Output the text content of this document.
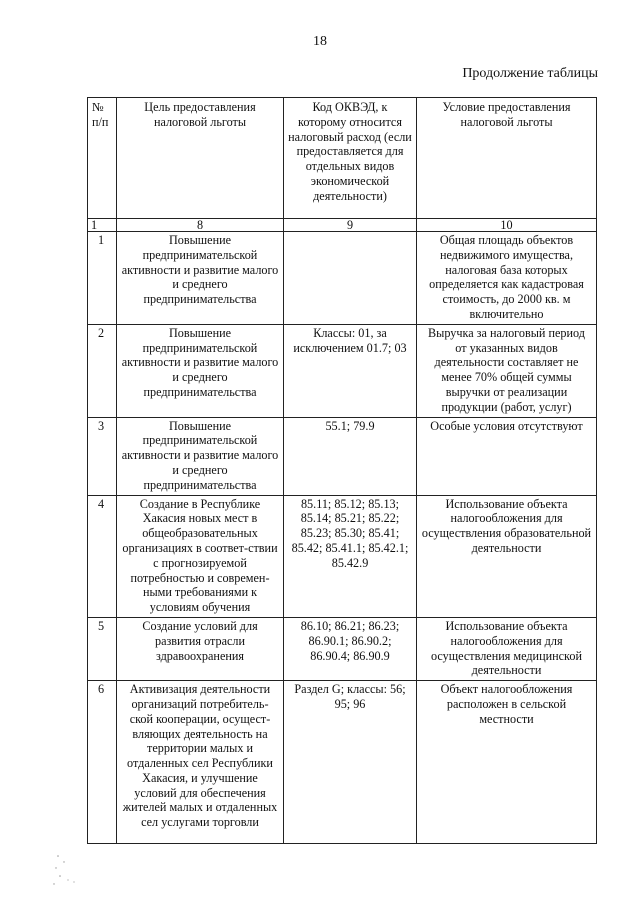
18
Продолжение таблицы
№ п/п	Цель предоставления налоговой льготы	Код ОКВЭД, к которому относится налоговый расход (если предоставляется для отдельных видов экономической деятельности)	Условие предоставления налоговой льготы
1	8	9	10
1	Повышение предпринимательской активности и развитие малого и среднего предпринимательства		Общая площадь объектов недвижимого имущества, налоговая база которых определяется как кадастровая стоимость, до 2000 кв. м включительно
2	Повышение предпринимательской активности и развитие малого и среднего предпринимательства	Классы: 01, за исключением 01.7; 03	Выручка за налоговый период от указанных видов деятельности составляет не менее 70% общей суммы выручки от реализации продукции (работ, услуг)
3	Повышение предпринимательской активности и развитие малого и среднего предпринимательства	55.1; 79.9	Особые условия отсутствуют
4	Создание в Республике Хакасия новых мест в общеобразовательных организациях в соответ-ствии с прогнозируемой потребностью и современ-ными требованиями к условиям обучения	85.11; 85.12; 85.13; 85.14; 85.21; 85.22; 85.23; 85.30; 85.41; 85.42; 85.41.1; 85.42.1; 85.42.9	Использование объекта налогообложения для осуществления образовательной деятельности
5	Создание условий для развития отрасли здравоохранения	86.10; 86.21; 86.23; 86.90.1; 86.90.2; 86.90.4; 86.90.9	Использование объекта налогообложения для осуществления медицинской деятельности
6	Активизация деятельности организаций потребитель-ской кооперации, осущест-вляющих деятельность на территории малых и отдаленных сел Республики Хакасия, и улучшение условий для обеспечения жителей малых и отдаленных сел услугами торговли	Раздел G; классы: 56; 95; 96	Объект налогообложения расположен в сельской местности
